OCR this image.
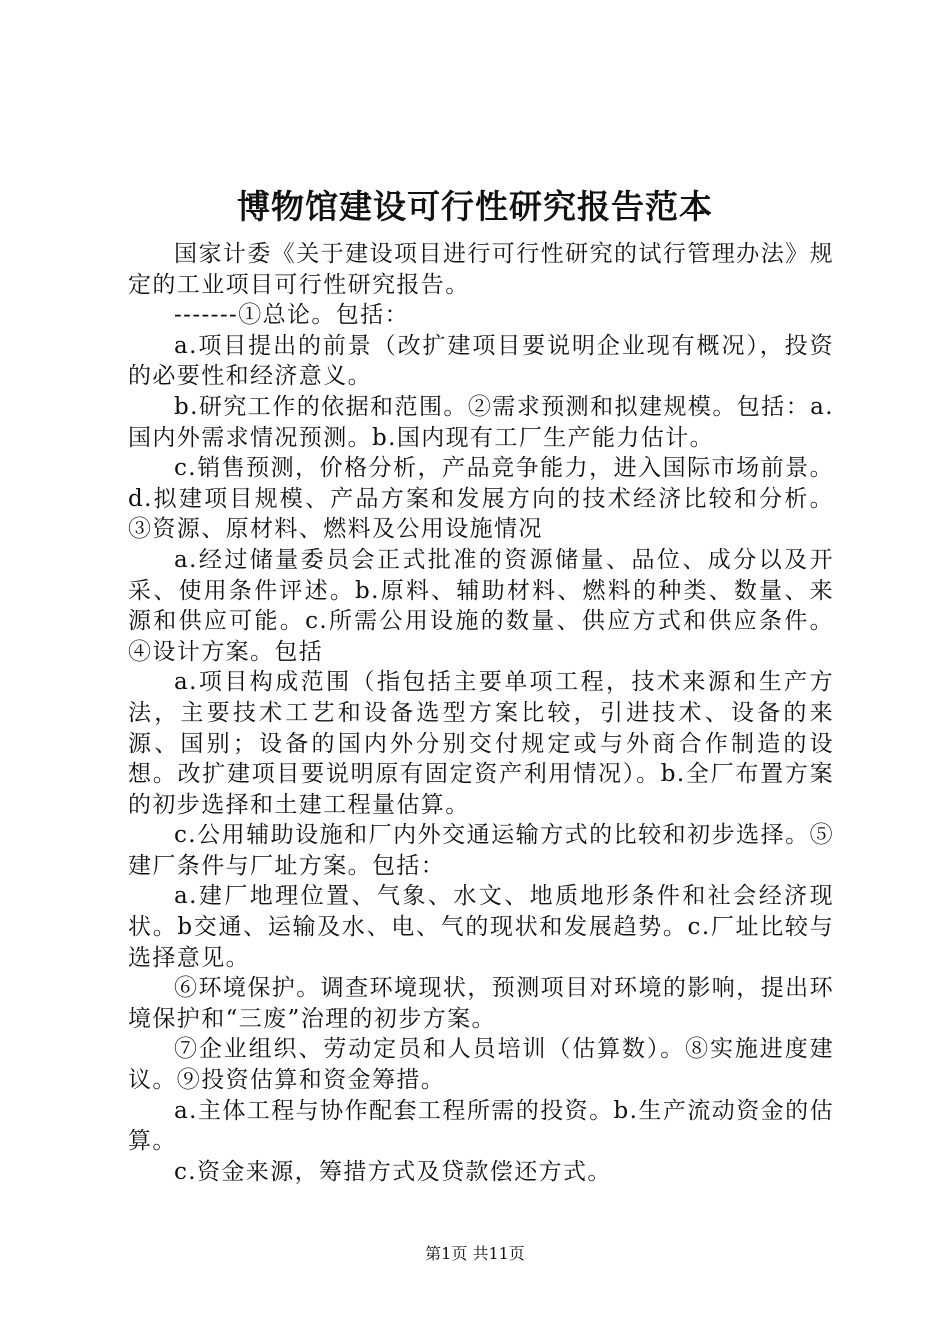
博物馆建设可行性研究报告范本

国家计委《关于建设项目进行可行性研究的试行管理办法》规定的工业项目可行性研究报告。

-------①总论。包括：

a.项目提出的前景（改扩建项目要说明企业现有概况），投资的必要性和经济意义。

b.研究工作的依据和范围。②需求预测和拟建规模。包括：a.国内外需求情况预测。b.国内现有工厂生产能力估计。

c.销售预测，价格分析，产品竞争能力，进入国际市场前景。d.拟建项目规模、产品方案和发展方向的技术经济比较和分析。③资源、原材料、燃料及公用设施情况

a.经过储量委员会正式批准的资源储量、品位、成分以及开采、使用条件评述。b.原料、辅助材料、燃料的种类、数量、来源和供应可能。c.所需公用设施的数量、供应方式和供应条件。④设计方案。包括

a.项目构成范围（指包括主要单项工程，技术来源和生产方法，主要技术工艺和设备选型方案比较，引进技术、设备的来源、国别；设备的国内外分别交付规定或与外商合作制造的设想。改扩建项目要说明原有固定资产利用情况）。b.全厂布置方案的初步选择和土建工程量估算。

c.公用辅助设施和厂内外交通运输方式的比较和初步选择。⑤建厂条件与厂址方案。包括：

a.建厂地理位置、气象、水文、地质地形条件和社会经济现状。b交通、运输及水、电、气的现状和发展趋势。c.厂址比较与选择意见。

⑥环境保护。调查环境现状，预测项目对环境的影响，提出环境保护和“三废”治理的初步方案。

⑦企业组织、劳动定员和人员培训（估算数）。⑧实施进度建议。⑨投资估算和资金筹措。

a.主体工程与协作配套工程所需的投资。b.生产流动资金的估算。

c.资金来源，筹措方式及贷款偿还方式。

第1页 共11页
